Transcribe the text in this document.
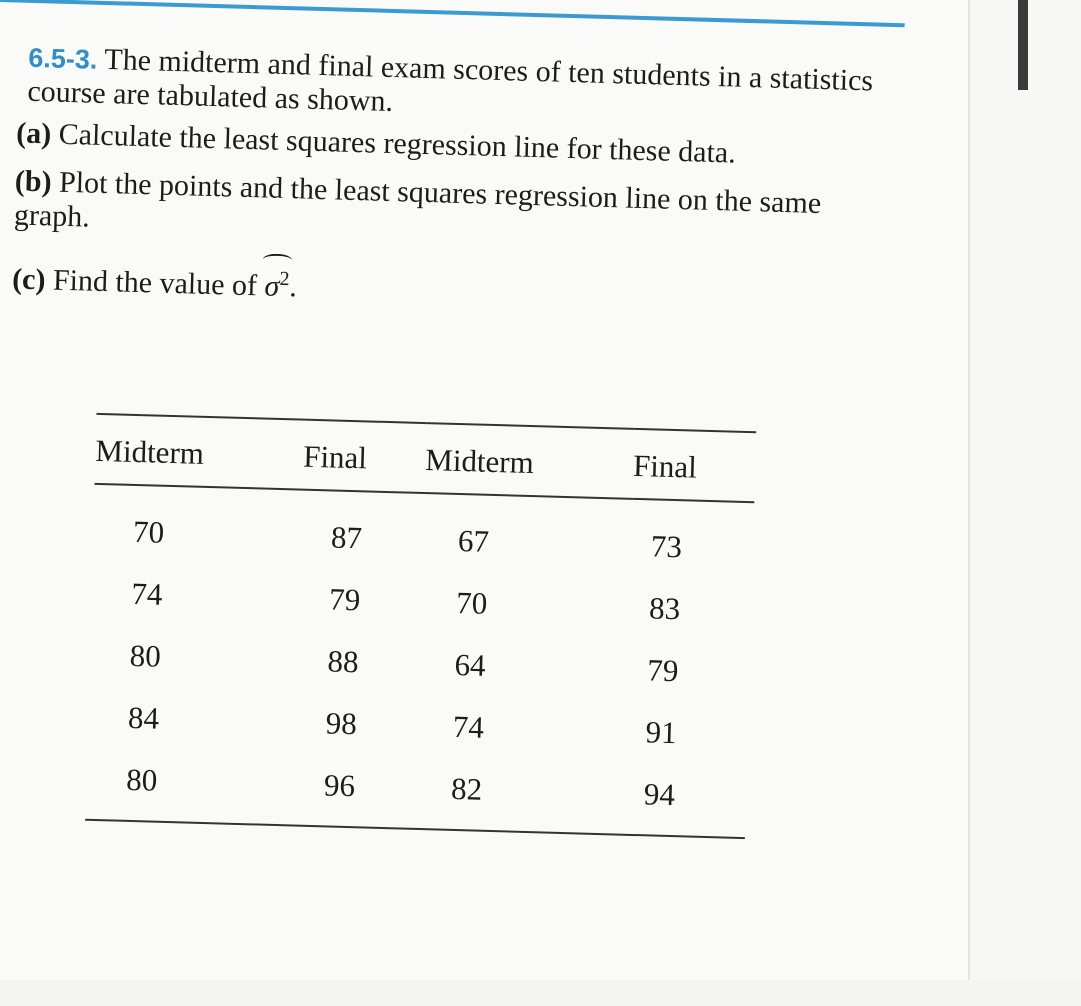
6.5-3. The midterm and final exam scores of ten students in a statistics course are tabulated as shown.

(a) Calculate the least squares regression line for these data.
(b) Plot the points and the least squares regression line on the same graph.
(c) Find the value of $\sigma^2$.
Midterm	Final	Midterm	Final
70	87	67	73
74	79	70	83
80	88	64	79
84	98	74	91
80	96	82	94
